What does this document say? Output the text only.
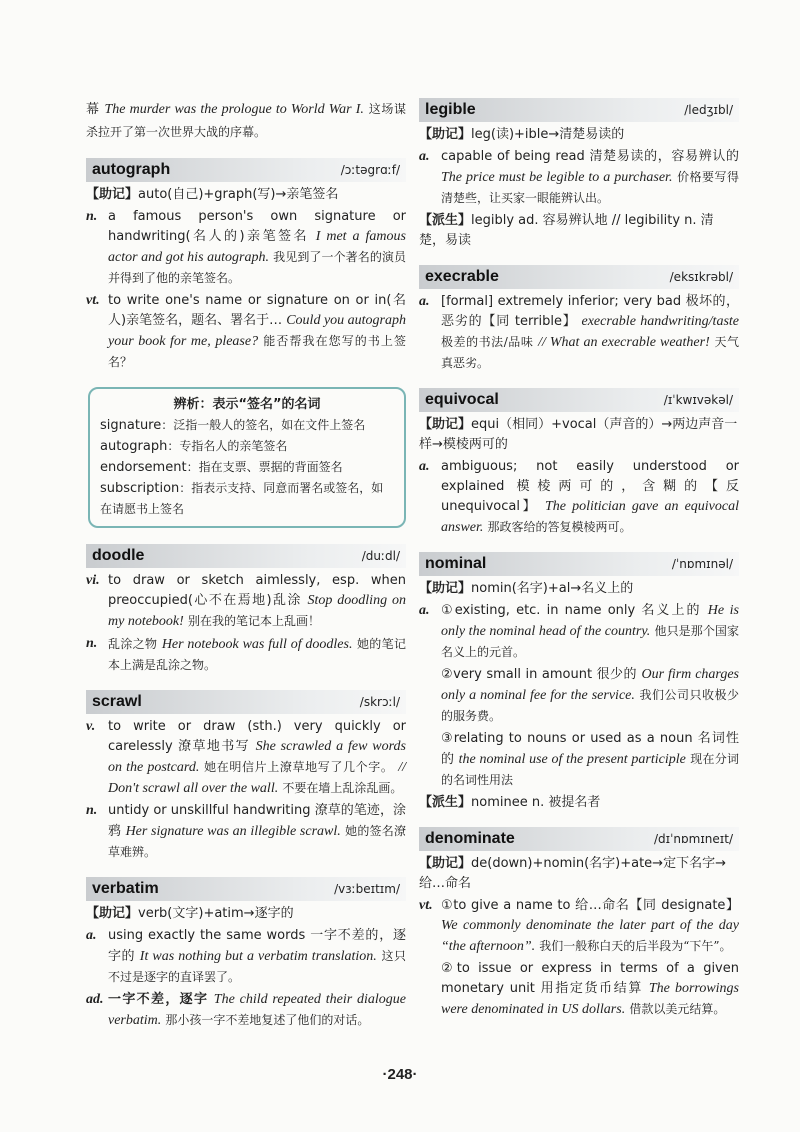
幕 The murder was the prologue to World War I. 这场谋杀拉开了第一次世界大战的序幕。
autograph	/ɔːtəgrɑːf/

【助记】auto(自己)+graph(写)→亲笔签名

n. a famous person's own signature or handwriting(名人的)亲笔签名 I met a famous actor and got his autograph. 我见到了一个著名的演员并得到了他的亲笔签名。
vt. to write one's name or signature on or in(名人)亲笔签名，题名、署名于… Could you autograph your book for me, please? 能否帮我在您写的书上签名？
辨析：表示“签名”的名词

signature：泛指一般人的签名，如在文件上签名

autograph：专指名人的亲笔签名

endorsement：指在支票、票据的背面签名

subscription：指表示支持、同意而署名或签名，如在请愿书上签名

doodle	/duːdl/
vi. to draw or sketch aimlessly, esp. when preoccupied(心不在焉地)乱涂 Stop doodling on my notebook! 别在我的笔记本上乱画！
n. 乱涂之物 Her notebook was full of doodles. 她的笔记本上满是乱涂之物。
scrawl	/skrɔːl/
v. to write or draw (sth.) very quickly or carelessly 潦草地书写 She scrawled a few words on the postcard. 她在明信片上潦草地写了几个字。 // Don't scrawl all over the wall. 不要在墙上乱涂乱画。
n. untidy or unskillful handwriting 潦草的笔迹，涂鸦 Her signature was an illegible scrawl. 她的签名潦草难辨。
verbatim	/vɜːbeɪtɪm/

【助记】verb(文字)+atim→逐字的

a. using exactly the same words 一字不差的，逐字的 It was nothing but a verbatim translation. 这只不过是逐字的直译罢了。
ad. 一字不差，逐字 The child repeated their dialogue verbatim. 那小孩一字不差地复述了他们的对话。
legible	/ledʒɪbl/

【助记】leg(读)+ible→清楚易读的

a. capable of being read 清楚易读的，容易辨认的 The price must be legible to a purchaser. 价格要写得清楚些，让买家一眼能辨认出。

【派生】legibly ad. 容易辨认地 // legibility n. 清楚，易读

execrable	/eksɪkrəbl/
a. [formal] extremely inferior; very bad 极坏的，恶劣的【同 terrible】 execrable handwriting/taste 极差的书法/品味 // What an execrable weather! 天气真恶劣。
equivocal	/ɪˈkwɪvəkəl/

【助记】equi（相同）+vocal（声音的）→两边声音一样→模棱两可的

a. ambiguous; not easily understood or explained 模棱两可的，含糊的【反 unequivocal】 The politician gave an equivocal answer. 那政客给的答复模棱两可。
nominal	/ˈnɒmɪnəl/

【助记】nomin(名字)+al→名义上的

a. ①existing, etc. in name only 名义上的 He is only the nominal head of the country. 他只是那个国家名义上的元首。
②very small in amount 很少的 Our firm charges only a nominal fee for the service. 我们公司只收极少的服务费。
③relating to nouns or used as a noun 名词性的 the nominal use of the present participle 现在分词的名词性用法

【派生】nominee n. 被提名者

denominate	/dɪˈnɒmɪneɪt/

【助记】de(down)+nomin(名字)+ate→定下名字→给…命名

vt. ①to give a name to 给…命名【同 designate】 We commonly denominate the later part of the day “the afternoon”. 我们一般称白天的后半段为“下午”。
②to issue or express in terms of a given monetary unit 用指定货币结算 The borrowings were denominated in US dollars. 借款以美元结算。
·248·
